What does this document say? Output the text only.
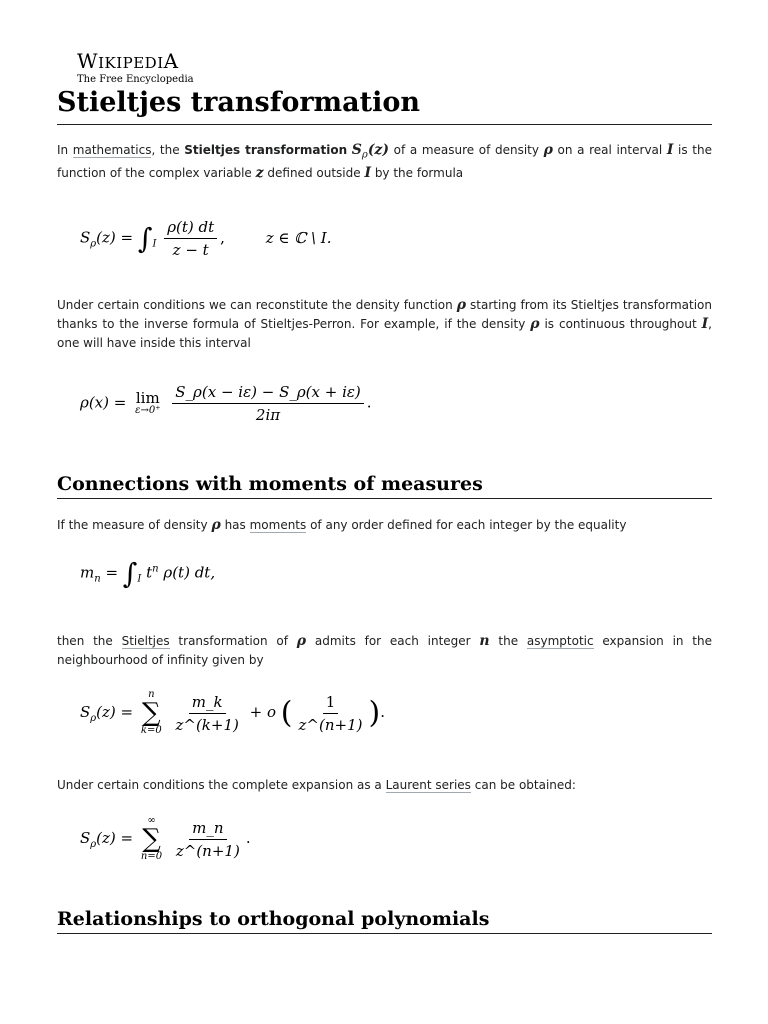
WIKIPEDIA
The Free Encyclopedia
Stieltjes transformation

In mathematics, the Stieltjes transformation $S_\rho(z)$ of a measure of density ρ on a real interval I is the function of the complex variable z defined outside I by the formula

$S_\rho(z) = \int_I \frac{\rho(t) dt}{z - t}$ ,	z ∈ ℂ \ I.

Under certain conditions we can reconstitute the density function ρ starting from its Stieltjes transformation thanks to the inverse formula of Stieltjes-Perron. For example, if the density ρ is continuous throughout I, one will have inside this interval

ρ(x) = lim
ε→0⁺
$\frac{S\_\rho(x - i\varepsilon) - S\_\rho(x + i\varepsilon)}{2i\pi}$ .
Connections with moments of measures

If the measure of density ρ has moments of any order defined for each integer by the equality

$m_n = \int_I$ $t^n$ ρ(t) dt,

then the Stieltjes transformation of ρ admits for each integer n the asymptotic expansion in the neighbourhood of infinity given by

$S_\rho(z)$ =
n
∑
k=0
$\frac{m\_k}{z\^{}(k+1)} + o$ ( $\frac{1}{z\^{}(n+1)}$ ).

Under certain conditions the complete expansion as a Laurent series can be obtained:

$S_\rho(z)$ =
∞
∑
n=0
$\frac{m\_n}{z\^{}(n+1)}$ .
Relationships to orthogonal polynomials
